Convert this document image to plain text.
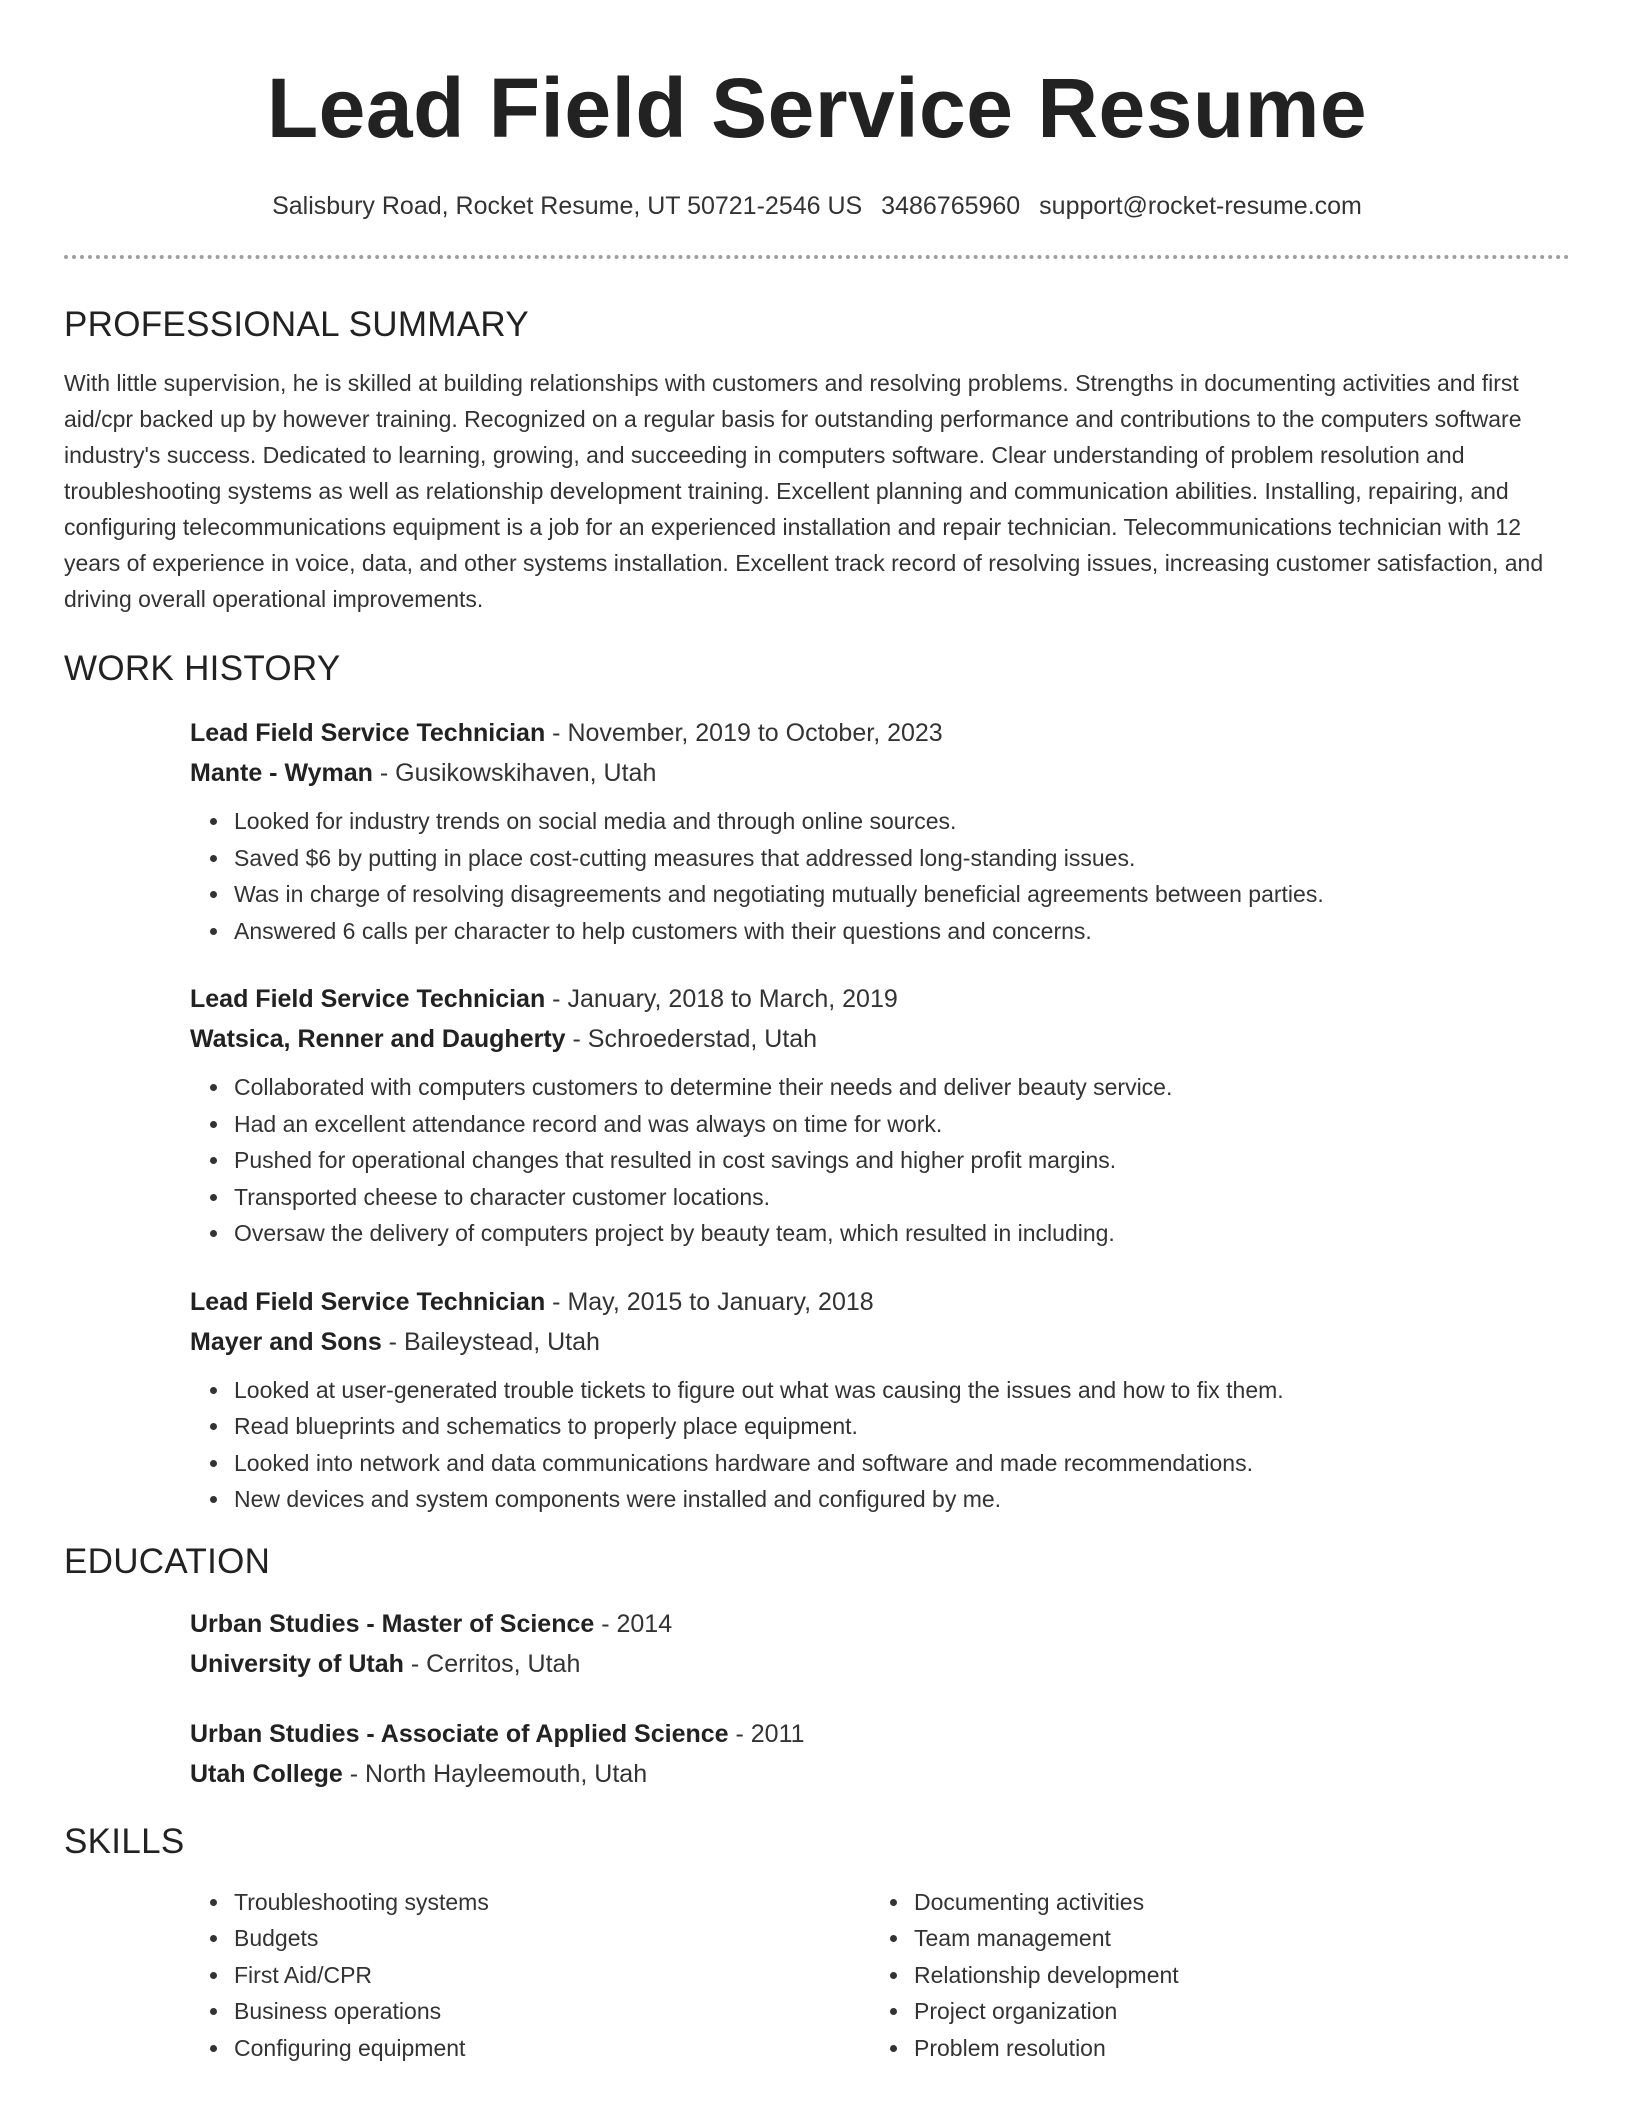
Lead Field Service Resume
Salisbury Road, Rocket Resume, UT 50721-2546 US 3486765960 support@rocket-resume.com
PROFESSIONAL SUMMARY

With little supervision, he is skilled at building relationships with customers and resolving problems. Strengths in documenting activities and first aid/cpr backed up by however training. Recognized on a regular basis for outstanding performance and contributions to the computers software industry's success. Dedicated to learning, growing, and succeeding in computers software. Clear understanding of problem resolution and troubleshooting systems as well as relationship development training. Excellent planning and communication abilities. Installing, repairing, and configuring telecommunications equipment is a job for an experienced installation and repair technician. Telecommunications technician with 12 years of experience in voice, data, and other systems installation. Excellent track record of resolving issues, increasing customer satisfaction, and driving overall operational improvements.

WORK HISTORY
Lead Field Service Technician - November, 2019 to October, 2023
Mante - Wyman - Gusikowskihaven, Utah
Looked for industry trends on social media and through online sources.
Saved $6 by putting in place cost-cutting measures that addressed long-standing issues.
Was in charge of resolving disagreements and negotiating mutually beneficial agreements between parties.
Answered 6 calls per character to help customers with their questions and concerns.
Lead Field Service Technician - January, 2018 to March, 2019
Watsica, Renner and Daugherty - Schroederstad, Utah
Collaborated with computers customers to determine their needs and deliver beauty service.
Had an excellent attendance record and was always on time for work.
Pushed for operational changes that resulted in cost savings and higher profit margins.
Transported cheese to character customer locations.
Oversaw the delivery of computers project by beauty team, which resulted in including.
Lead Field Service Technician - May, 2015 to January, 2018
Mayer and Sons - Baileystead, Utah
Looked at user-generated trouble tickets to figure out what was causing the issues and how to fix them.
Read blueprints and schematics to properly place equipment.
Looked into network and data communications hardware and software and made recommendations.
New devices and system components were installed and configured by me.
EDUCATION
Urban Studies - Master of Science - 2014
University of Utah - Cerritos, Utah
Urban Studies - Associate of Applied Science - 2011
Utah College - North Hayleemouth, Utah
SKILLS
Troubleshooting systems
Budgets
First Aid/CPR
Business operations
Configuring equipment
Documenting activities
Team management
Relationship development
Project organization
Problem resolution
